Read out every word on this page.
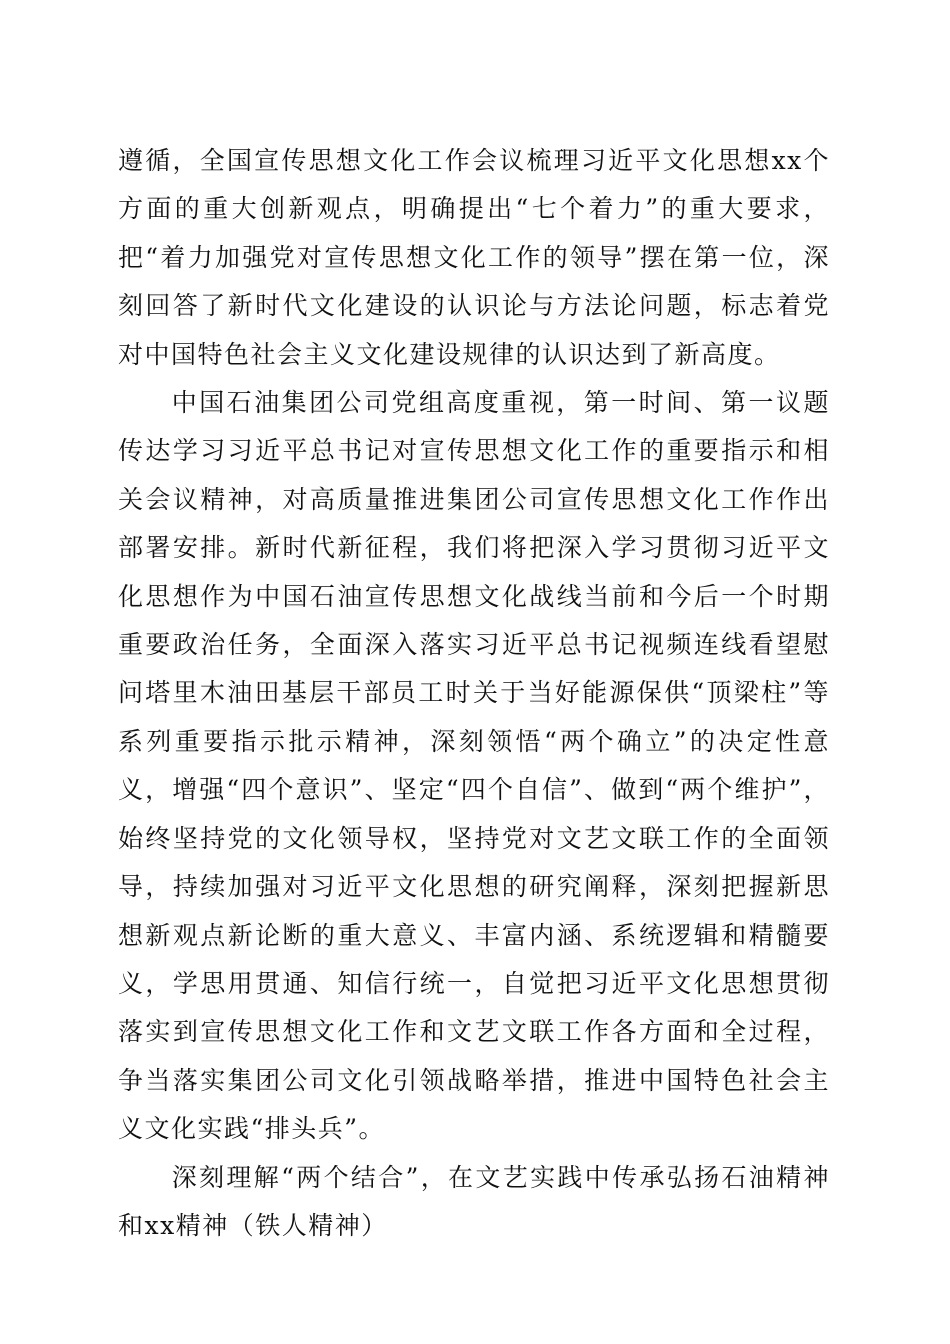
遵循，全国宣传思想文化工作会议梳理习近平文化思想xx个方面的重大创新观点，明确提出“七个着力”的重大要求，把“着力加强党对宣传思想文化工作的领导”摆在第一位，深刻回答了新时代文化建设的认识论与方法论问题，标志着党对中国特色社会主义文化建设规律的认识达到了新高度。

中国石油集团公司党组高度重视，第一时间、第一议题传达学习习近平总书记对宣传思想文化工作的重要指示和相关会议精神，对高质量推进集团公司宣传思想文化工作作出部署安排。新时代新征程，我们将把深入学习贯彻习近平文化思想作为中国石油宣传思想文化战线当前和今后一个时期重要政治任务，全面深入落实习近平总书记视频连线看望慰问塔里木油田基层干部员工时关于当好能源保供“顶梁柱”等系列重要指示批示精神，深刻领悟“两个确立”的决定性意义，增强“四个意识”、坚定“四个自信”、做到“两个维护”，始终坚持党的文化领导权，坚持党对文艺文联工作的全面领导，持续加强对习近平文化思想的研究阐释，深刻把握新思想新观点新论断的重大意义、丰富内涵、系统逻辑和精髓要义，学思用贯通、知信行统一，自觉把习近平文化思想贯彻落实到宣传思想文化工作和文艺文联工作各方面和全过程，争当落实集团公司文化引领战略举措，推进中国特色社会主义文化实践“排头兵”。

深刻理解“两个结合”，在文艺实践中传承弘扬石油精神和xx精神（铁人精神）
